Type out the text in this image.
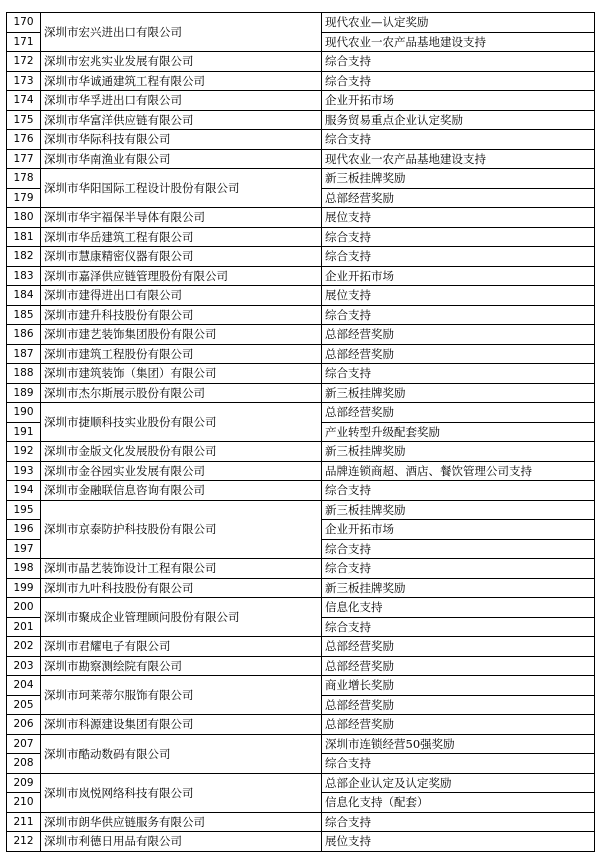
170	深圳市宏兴进出口有限公司	现代农业—认定奖励
171		现代农业一农产品基地建设支持
172	深圳市宏兆实业发展有限公司	综合支持
173	深圳市华诚通建筑工程有限公司	综合支持
174	深圳市华孚进出口有限公司	企业开拓市场
175	深圳市华富洋供应链有限公司	服务贸易重点企业认定奖励
176	深圳市华际科技有限公司	综合支持
177	深圳市华南渔业有限公司	现代农业一农产品基地建设支持
178	深圳市华阳国际工程设计股份有限公司	新三板挂牌奖励
179		总部经营奖励
180	深圳市华宇福保半导体有限公司	展位支持
181	深圳市华岳建筑工程有限公司	综合支持
182	深圳市慧康精密仪器有限公司	综合支持
183	深圳市嘉泽供应链管理股份有限公司	企业开拓市场
184	深圳市建得进出口有限公司	展位支持
185	深圳市建升科技股份有限公司	综合支持
186	深圳市建艺装饰集团股份有限公司	总部经营奖励
187	深圳市建筑工程股份有限公司	总部经营奖励
188	深圳市建筑装饰（集团）有限公司	综合支持
189	深圳市杰尔斯展示股份有限公司	新三板挂牌奖励
190	深圳市捷顺科技实业股份有限公司	总部经营奖励
191		产业转型升级配套奖励
192	深圳市金版文化发展股份有限公司	新三板挂牌奖励
193	深圳市金谷园实业发展有限公司	品牌连锁商超、酒店、餐饮管理公司支持
194	深圳市金融联信息咨询有限公司	综合支持
195	深圳市京泰防护科技股份有限公司	新三板挂牌奖励
196		企业开拓市场
197		综合支持
198	深圳市晶艺装饰设计工程有限公司	综合支持
199	深圳市九叶科技股份有限公司	新三板挂牌奖励
200	深圳市聚成企业管理顾问股份有限公司	信息化支持
201		综合支持
202	深圳市君耀电子有限公司	总部经营奖励
203	深圳市勘察测绘院有限公司	总部经营奖励
204	深圳市珂莱蒂尔服饰有限公司	商业增长奖励
205		总部经营奖励
206	深圳市科源建设集团有限公司	总部经营奖励
207	深圳市酷动数码有限公司	深圳市连锁经营50强奖励
208		综合支持
209	深圳市岚悦网络科技有限公司	总部企业认定及认定奖励
210		信息化支持（配套）
211	深圳市朗华供应链服务有限公司	综合支持
212	深圳市利德日用品有限公司	展位支持
